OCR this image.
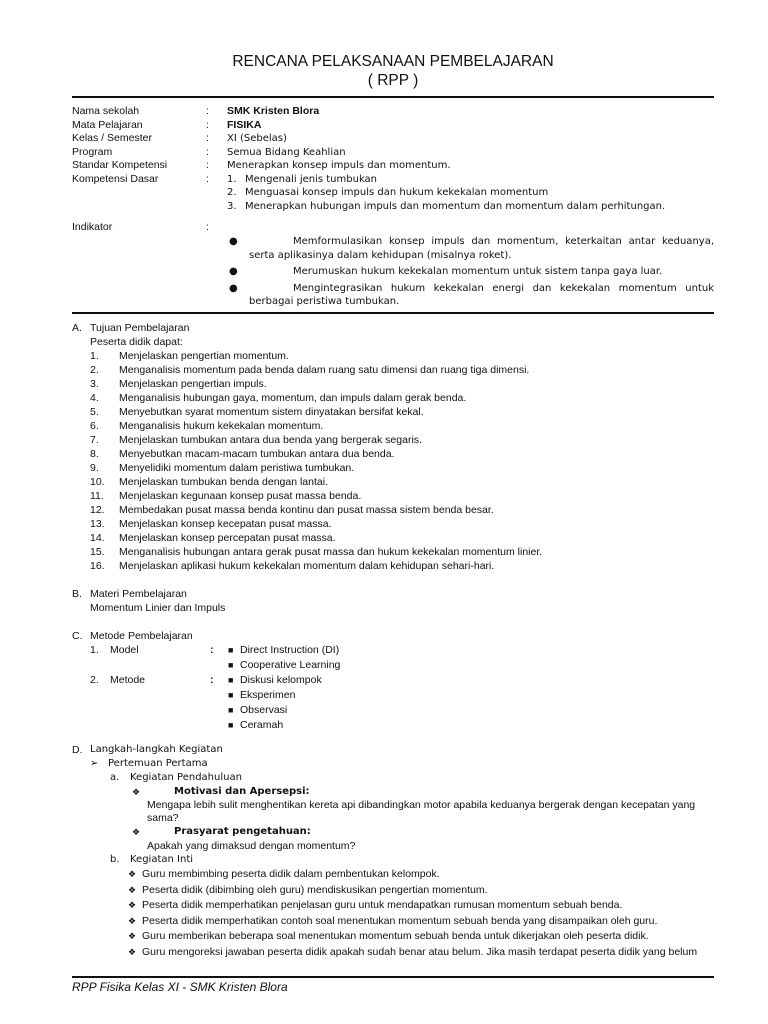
RENCANA PELAKSANAAN PEMBELAJARAN
( RPP )
Nama sekolah	:	SMK Kristen Blora
Mata Pelajaran	:	FISIKA
Kelas / Semester	:	XI (Sebelas)
Program	:	Semua Bidang Keahlian
Standar Kompetensi	:	Menerapkan konsep impuls dan momentum.
Kompetensi Dasar	:	1. Mengenali jenis tumbukan
2. Menguasai konsep impuls dan hukum kekekalan momentum
3. Menerapkan hubungan impuls dan momentum dan momentum dalam perhitungan.
Indikator	:
●	Memformulasikan konsep impuls dan momentum, keterkaitan antar keduanya, serta aplikasinya dalam kehidupan (misalnya roket).
●	Merumuskan hukum kekekalan momentum untuk sistem tanpa gaya luar.
●	Mengintegrasikan hukum kekekalan energi dan kekekalan momentum untuk berbagai peristiwa tumbukan.
A. Tujuan Pembelajaran
Peserta didik dapat:
1.	Menjelaskan pengertian momentum.
2.	Menganalisis momentum pada benda dalam ruang satu dimensi dan ruang tiga dimensi.
3.	Menjelaskan pengertian impuls.
4.	Menganalisis hubungan gaya, momentum, dan impuls dalam gerak benda.
5.	Menyebutkan syarat momentum sistem dinyatakan bersifat kekal.
6.	Menganalisis hukum kekekalan momentum.
7.	Menjelaskan tumbukan antara dua benda yang bergerak segaris.
8.	Menyebutkan macam-macam tumbukan antara dua benda.
9.	Menyelidiki momentum dalam peristiwa tumbukan.
10.	Menjelaskan tumbukan benda dengan lantai.
11.	Menjelaskan kegunaan konsep pusat massa benda.
12.	Membedakan pusat massa benda kontinu dan pusat massa sistem benda besar.
13.	Menjelaskan konsep kecepatan pusat massa.
14.	Menjelaskan konsep percepatan pusat massa.
15.	Menganalisis hubungan antara gerak pusat massa dan hukum kekekalan momentum linier.
16.	Menjelaskan aplikasi hukum kekekalan momentum dalam kehidupan sehari-hari.
B. Materi Pembelajaran
Momentum Linier dan Impuls
C. Metode Pembelajaran
1. Model	:	■ Direct Instruction (DI)
■ Cooperative Learning
2. Metode	:	■ Diskusi kelompok
■ Eksperimen
■ Observasi
■ Ceramah
D. Langkah-langkah Kegiatan
➢ Pertemuan Pertama
a.	Kegiatan Pendahuluan
❖	Motivasi dan Apersepsi:
Mengapa lebih sulit menghentikan kereta api dibandingkan motor apabila keduanya bergerak dengan kecepatan yang sama?
❖	Prasyarat pengetahuan:
Apakah yang dimaksud dengan momentum?
b.	Kegiatan Inti
❖ Guru membimbing peserta didik dalam pembentukan kelompok.
❖ Peserta didik (dibimbing oleh guru) mendiskusikan pengertian momentum.
❖ Peserta didik memperhatikan penjelasan guru untuk mendapatkan rumusan momentum sebuah benda.
❖ Peserta didik memperhatikan contoh soal menentukan momentum sebuah benda yang disampaikan oleh guru.
❖ Guru memberikan beberapa soal menentukan momentum sebuah benda untuk dikerjakan oleh peserta didik.
❖ Guru mengoreksi jawaban peserta didik apakah sudah benar atau belum. Jika masih terdapat peserta didik yang belum
RPP Fisika Kelas XI - SMK Kristen Blora
